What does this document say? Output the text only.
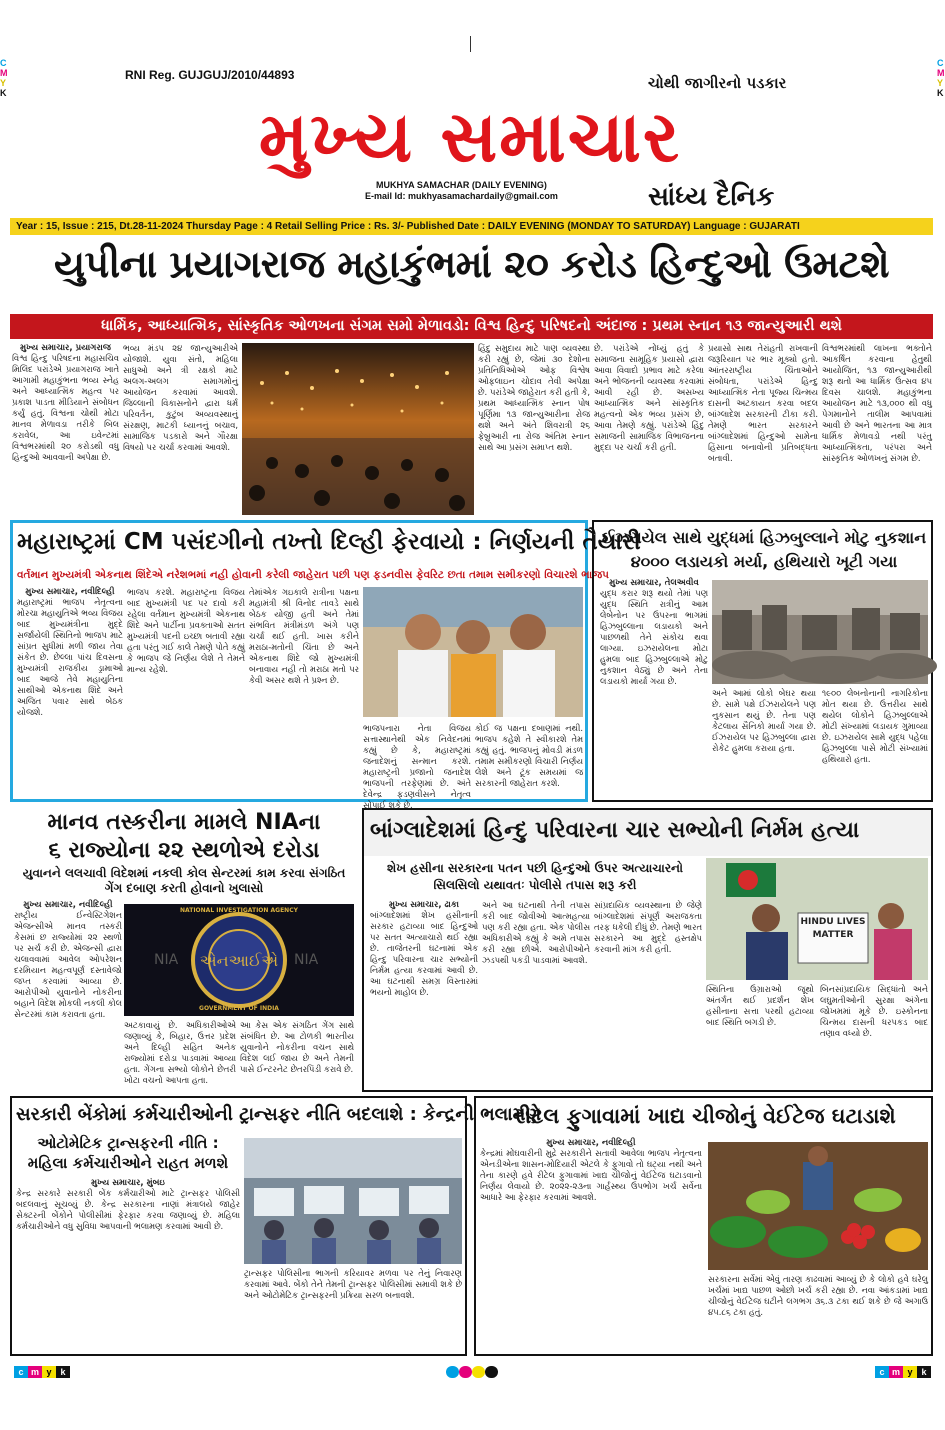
C
M
Y
K
C
M
Y
K
RNI Reg. GUJGUJ/2010/44893	ચોથી જાગીરનો પડકાર
મુખ્ય સમાચાર
MUKHYA SAMACHAR (DAILY EVENING)
E-mail Id: mukhyasamachardaily@gmail.com	સાંધ્ય દૈનિક
Year : 15, Issue : 215, Dt.28-11-2024 Thursday Page : 4 Retail Selling Price : Rs. 3/- Published Date : DAILY EVENING (MONDAY TO SATURDAY) Language : GUJARATI
યુપીના પ્રયાગરાજ મહાકુંભમાં ૨૦ કરોડ હિન્દુઓ ઉમટશે
ધાર્મિક, આધ્યાત્મિક, સાંસ્કૃતિક ઓળખના સંગમ સમો મેળાવડો: વિશ્વ હિન્દુ પરિષદનો અંદાજ : પ્રથમ સ્નાન ૧૩ જાન્યુઆરી થશે
મુખ્ય સમાચાર, પ્રયાગરાજ
વિશ્વ હિન્દુ પરિષદના મહાસચિવ મિલિંદ પરાંડેએ પ્રયાગરાજ ખાતે આગામી મહાકુંભના ભવ્ય સ્નેહ અને આધ્યાત્મિક મહત્વ પર પ્રકાશ પાડતા મીડિયાને સંબોધન કર્યું હતું. વિશ્વના ચોથી મોટા માનવ મેળાવડા તરીકે બિલ કરાવેલ, આ ઇવેન્ટમાં વિશ્વભરમાંથી ૨૦ કરોડથી વધુ હિન્દુઓ આવવાની અપેક્ષા છે.
ભવ્ય મંડપ ૨૪ જાન્યુઆરીએ યોજાશે. યુવા સંતો, મહિલા સાધુઓ અને ત્રી રક્ષકો માટે અલગ-અલગ સમાગમોનું આયોજન કરવામાં આવશે. જિલ્લાની વિકાસનોને દ્વારા ધર્મ પરિવર્તન, કુટુંબ અવ્યવસ્થાનું સંરક્ષણ, માટકી ધ્યાનનું બચાવ, સામાજિક પડકારો અને ગૌરક્ષા વિષયો પર ચર્ચા કરવામાં આવશે.
હિંદુ સમુદાય માટે પાણ વ્યવસ્થા કરી રહ્યું છે, જેમાં ૩૦ દેશોના પ્રતિનિધિઓએ ઓફ વિશ્વેષ ઓફલાઇન ચોદાવ તેવી અપેક્ષા છે. પરાંડેએ જાહેરાત કરી હતી કે, પ્રથમ આધ્યાત્મિક સ્નાન પોષ પૂર્ણિમા ૧૩ જાન્યુઆરીના રોજ થશે અને અંતે શિવરાત્રી ૨૬ ફેબ્રુઆરી ના રોજ અંતિમ સ્નાન સાથે આ પ્રસંગ સમાપ્ત થશે.
છે. પરાંડેએ નોંધ્યું હતું કે સમાજના સામૂહિક પ્રયાસો દ્વારા આવા વિવાદો પ્રભાવ માટે કરેલા અને ભોજનની વ્યવસ્થા કરવામાં આવી રહી છે. અસખ્ય આધ્યાત્મિક અને સાંસ્કૃતિક મહત્વનો એક ભવ્ય પ્રસંગ છે, આવા તેમણે કહ્યું. પરાંડેએ હિંદુ સમાજની સામાજિક વિભાજનના મુદ્દા પર ચર્ચા કરી હતી.
પ્રયાસો સાથ તેરાંહતી રાખવાની જરૂરિયાત પર ભાર મૂક્યો હતો. આંતરરાષ્ટ્રીય ચિંતાઓને સંબોધતા, પરાંડેએ હિન્દુ આધ્યાત્મિક નેતા પૂજ્ય ચિન્મય દાસની અટકાયત કરવા બદલ બાંગ્લાદેશ સરકારની ટીકા કરી. તેમણે ભારત સરકારને બાંગ્લાદેશમાં હિન્દુઓ સામેના હિંસાના બનાવોની પ્રતિબદ્ધતા બતાવી.
વિશ્વભરમાંથી લાખના ભક્તોને આકર્ષિત કરવાના હેતુથી આયોજિત, ૧૩ જાન્યુઆરીથી શરૂ થતો આ ધાર્મિક ઉત્સવ ૪૫ દિવસ ચાલશે. મહાકુંભના આયોજન માટે ૧૩,૦૦૦ થી વધુ પેગમાનોને તાલીમ આપવામાં આવી છે અને ભારતના આ માત્ર ધાર્મિક મેળાવડો નથી પરંતુ આધ્યાત્મિકતા, પરંપરા અને સાંસ્કૃતિક ઓળખનું સંગમ છે.
મહારાષ્ટ્રમાં CM પસંદગીનો તખ્તો દિલ્હી ફેરવાયો : નિર્ણયની તૈયારી
વર્તમાન મુખ્યમંત્રી એકનાથ શિંદેએ નરેશભમાં નહી હોવાની કરેલી જાહેરાત પછી પણ ફડનવીસ ફેવરિટ છતા તમામ સમીકરણો વિચારશે ભાજપ
મુખ્ય સમાચાર, નવીદિલ્હી
મહારાષ્ટ્રમાં ભાજપ નેતૃત્વના મોરચા મહાયુતિએ ભવ્ય વિજય બાદ મુખ્યમંત્રીના મુદ્દે સર્જાયેલી સ્થિતિનો ભાજપ માટે સાંપ્રત સુધીમાં મળી જાય તેવા સંકેત છે. છેલ્લા પાંચ દિવસના મુખ્યમંત્રી રાજકીય ડ્રામાઓ બાદ આજે તેવે મહાયુતિના સાથીઓ એકનાથ શિંદે અને અજિત પવાર સાથે બેઠક યોજશે.
ભાજપ કરશે. મહારાષ્ટ્રના વિજય બાદ મુખ્યમંત્રી પદ પર દાવો કરી રહેલા વર્તમાન મુખ્યમંત્રી એકનાથ શિંદે અને પાર્ટીના પ્રવક્તાઓ સતત મુખ્યમંત્રી પદની ઇચ્છા બતાવી રહ્યા હતા પરંતુ ગઈ કાલે તેમણે પોતે કહ્યું કે ભાજપ જે નિર્ણય લેશે તે તેમને માન્ય રહેશે.
તેમાંએક ગઇકાલે રાત્રીના પક્ષના મહામંત્રી શ્રી વિનોદ તાવડે સાથે બેઠક યોજી હતી અને તેમાં સંભવિત મંત્રીમંડળ અંગે પણ ચર્ચા થઈ હતી. ખાસ કરીને મરાઠા-મતોની ચિંતા છે અને એકનાથ શિંદે જો મુખ્યમંત્રી બનાવાય નહી તો મરાઠા મતો પર કેવી અસર થશે તે પ્રશ્ન છે.
ભાજપનારા નેતા વિજય સત્તાસ્થાનેથી એક નિવેદનમાં કહ્યું છે કે, મહારાષ્ટ્રમાં જનાદેશનું સન્માન કરશે. મહારાષ્ટ્રની પ્રજાનો જનાદેશ ભાજપની તરફેણમાં છે. અંતે દેવેન્દ્ર ફડણવીસને નેતૃત્વ સોંપાઈ શકે છે.
કોઈ જ પક્ષના દબાણમાં નથી. ભાજપ કહેશે તે સ્વીકારશે તેમ કહ્યું હતું. ભાજપનું મોવડી મંડળ તમામ સમીકરણો વિચારી નિર્ણય લેશે અને ટૂંક સમયમાં જ સરકારની જાહેરાત કરશે.
ઈઝરાયેલ સાથે યુદ્ધમાં હિઝબુલ્લાને મોટુ નુકશાન ૪૦૦૦ લડાયકો મર્યા, હથિયારો ખૂટી ગયા
મુખ્ય સમાચાર, તેલઅવીવ
યુદ્ધ કરાર શરૂ થયો તેમાં પણ યુદ્ધ સ્થિતિ રાત્રીનું આમ લેબેનોન પર ઉપરના ભાગમાં હિઝબુલ્લાના લડાયકો અને પાછળથી તેને સંકોચ થવા લાગ્યા. ઇઝરાયેલના મોટા હુમલા બાદ હિઝબુલ્લાએ મોટુ નુકશાન વેઠ્યું છે અને તેના લડાયકો માર્યા ગયા છે.
અને આમાં લોકો બેઘર થયા છે. સામે પક્ષે ઈઝરાયેલને પણ નુકસાન થયું છે. તેના પણ કેટલાય સૈનિકો માર્યા ગયા છે. ઈઝરાયેલ પર હિઝબુલ્લા દ્વારા રોકેટ હુમલા કરાયા હતા.
૧૯૦૦ લેબનોનાની નાગરિકોના મોત થયા છે. ઉત્તરીય સાથે થયેલ લોકોને હિઝબુલ્લાએ મોટી સંખ્યામાં લડાયક ગુમાવ્યા છે. ઇઝરાયેલ સામે યુદ્ધ પહેલા હિઝબુલ્લા પાસે મોટી સંખ્યામાં હથિયારો હતા.
માનવ તસ્કરીના મામલે NIAના
૬ રાજ્યોના ૨૨ સ્થળોએ દરોડા
યુવાનને લલચાવી વિદેશમાં નકલી કોલ સેન્ટરમાં કામ કરવા સંગઠિત ગેંગ દબાણ કરતી હોવાનો ખુલાસો
મુખ્ય સમાચાર, નવીદિલ્હી
રાષ્ટ્રીય ઈન્વેસ્ટિગેશન એજન્સીએ માનવ તસ્કરી કેસમાં છ રાજ્યોમાં ૨૨ સ્થળો પર સર્ચ કરી છે. એજન્સી દ્વારા ચલાવવામાં આવેલ ઓપરેશન દરમિયાન મહત્વપૂર્ણ દસ્તાવેજો જપ્ત કરવામાં આવ્યા છે. આરોપીઓ યુવાનોને નોકરીના બહાને વિદેશ મોકલી નકલી કોલ સેન્ટરમાં કામ કરાવતા હતા.
એનઆઈએ
NIA	NIA
NATIONAL INVESTIGATION AGENCY
GOVERNMENT OF INDIA
અટકાવાયું છે. અધિકારીઓએ જણાવ્યું કે, બિહાર, ઉત્તર પ્રદેશ અને દિલ્હી સહિત અનેક રાજ્યોમાં દરોડા પાડવામાં આવ્યા હતા. ગેંગના સભ્યો લોકોને છેતરી ખોટા વચનો આપતા હતા.
આ કેસ એક સંગઠિત ગેંગ સાથે સંબંધિત છે. આ ટોળકી ભારતીય યુવાનોને નોકરીના વચન સાથે વિદેશ લઈ જાય છે અને તેમની પાસે ઈન્ટરનેટ છેતરપિંડી કરાવે છે.
બાંગ્લાદેશમાં હિન્દુ પરિવારના ચાર સભ્યોની નિર્મમ હત્યા
શેખ હસીના સરકારના પતન પછી હિન્દુઓ ઉપર અત્યાચારનો સિલસિલો યથાવતઃ પોલીસે તપાસ શરૂ કરી
મુખ્ય સમાચાર, ઢાકા
બાંગ્લાદેશમાં શેખ હસીનાની સરકાર હટાવ્યા બાદ હિન્દુઓ પર સતત અત્યાચારો થઈ રહ્યા છે. તાજેતરની ઘટનામાં એક હિન્દુ પરિવારના ચાર સભ્યોની નિર્મમ હત્યા કરવામાં આવી છે. આ ઘટનાથી સમગ્ર વિસ્તારમાં ભયનો માહોલ છે.
અને આ ઘટનાથી તેની તપાસ કરી બાદ જોવીઓ આત્મહત્યા પણ કરી રહ્યા હતા. એક પોલીસ અધિકારીએ કહ્યું કે અમે તપાસ કરી રહ્યા છીએ. આરોપીઓને ઝડપથી પકડી પાડવામાં આવશે.
સાંપ્રદાયિક વ્યવસ્થાના છે જેણે બાંગ્લાદેશમાં સંપૂર્ણ અરાજકતા તરફ ધકેલી દીધું છે. તેમણે ભારત સરકારને આ મુદ્દે હસ્તક્ષેપ કરવાની માંગ કરી હતી.
HINDU LIVES MATTER
સ્થિતિના ઉગ્રારાઓ જૂથો અંતર્ગત થઈ પ્રદર્શન શેખ હસીનાના સત્તા પરથી હટાવ્યા બાદ સ્થિતિ બગડી છે.
બિનસાંપ્રદાયિક સિદ્ધાંતો અને લઘુમતીઓની સુરક્ષા અંગેના જોખમમાં મૂકે છે. ઇસ્કોનના ચિન્મય દાસની ધરપકડ બાદ તણાવ વધ્યો છે.
સરકારી બેંકોમાં કર્મચારીઓની ટ્રાન્સફર નીતિ બદલાશે : કેન્દ્રની ભલામણ
ઓટોમેટિક ટ્રાન્સફરની નીતિ :
મહિલા કર્મચારીઓને રાહત મળશે
મુખ્ય સમાચાર, મુંબઇ
કેન્દ્ર સરકારે સરકારી બેંક કર્મચારીઓ માટે ટ્રાન્સફર પોલિસી બદલવાનું સૂચવ્યું છે. કેન્દ્ર સરકારના નાણાં મંત્રાલયે જાહેર સેક્ટરની બેંકોને પોલીસીમાં ફેરફાર કરવા જણાવ્યું છે. મહિલા કર્મચારીઓને વધુ સુવિધા આપવાની ભલામણ કરવામાં આવી છે.
ટ્રાન્સફર પોલિસીના ભાગની કરિયાવર મળવા પર તેનું નિવારણ કરવામાં આવે. બેંકો તેને તેમની ટ્રાન્સફર પોલિસીમાં સમાવી શકે છે અને ઓટોમેટિક ટ્રાન્સફરની પ્રક્રિયા સરળ બનાવશે.
રીટેલ ફુગાવામાં ખાદ્ય ચીજોનું વેઈટેજ ઘટાડાશે
મુખ્ય સમાચાર, નવીદિલ્હી
કેન્દ્રમાં મોંઘવારીની મુદ્રે સરકારીને સતાવી આવેલા ભાજપ નેતૃત્વના એનડીએના શાસન-મોદિયારી એટલે કે ફુગાવો તો ઘટ્યા નથી અને તેના કારણે હવે રીટેલ ફુગાવામાં ખાદ્ય ચીજોનું વેઈટેજ ઘટાડવાનો નિર્ણય લેવાયો છે. ૨૦૨૨-૨૩ના ગાર્હસ્થ્ય ઉપભોગ ખર્ચ સર્વેના આધારે આ ફેરફાર કરવામાં આવશે.
સરકારના સર્વેમાં એવું તારણ કાઢવામાં આવ્યું છે કે લોકો હવે ઘરેલુ ખર્ચમાં ખાદ્ય પાછળ ઓછો ખર્ચ કરી રહ્યા છે. નવા આંકડામાં ખાદ્ય ચીજોનું વેઈટેજ ઘટીને લગભગ ૩૬.૩ ટકા થઈ શકે છે જે અગાઉ ૪૫.૮૬ ટકા હતું.
c m y k	c m y k
